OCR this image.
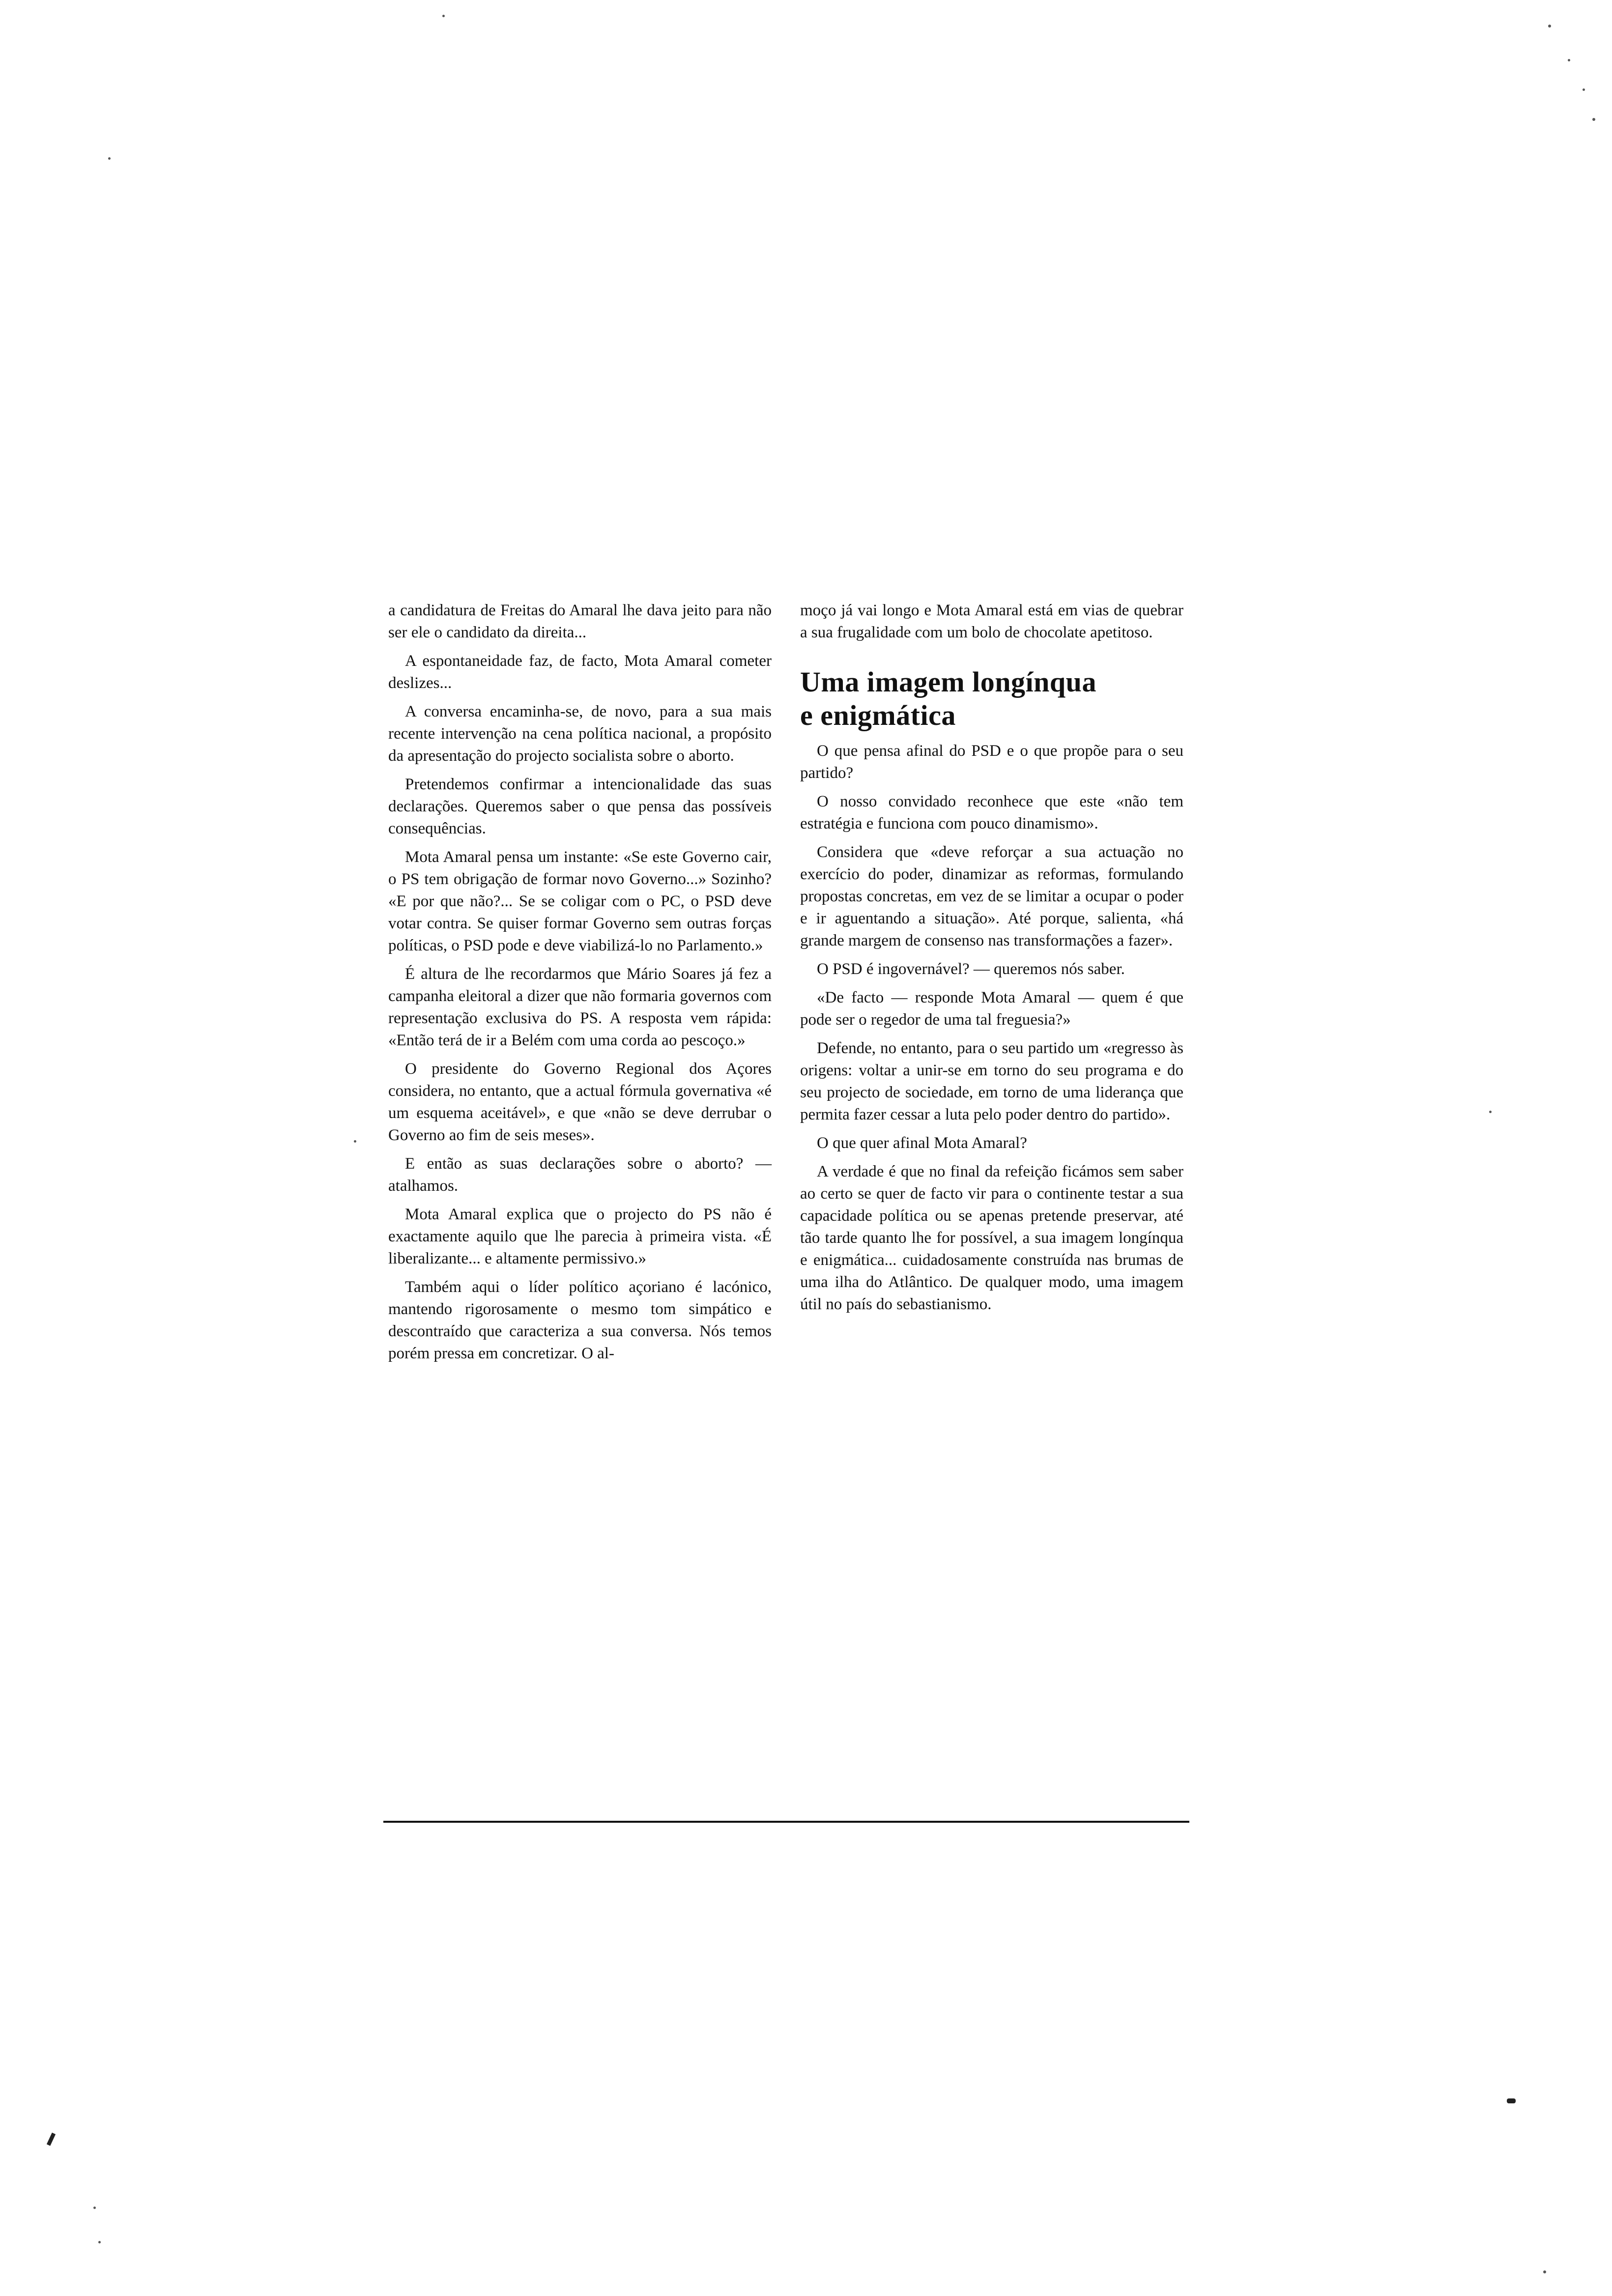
a candidatura de Freitas do Amaral lhe dava jeito para não ser ele o candidato da direita...

A espontaneidade faz, de facto, Mota Amaral cometer deslizes...

A conversa encaminha-se, de novo, para a sua mais recente intervenção na cena política nacional, a propósito da apresentação do projecto socialista sobre o aborto.

Pretendemos confirmar a intencionalidade das suas declarações. Queremos saber o que pensa das possíveis consequências.

Mota Amaral pensa um instante: «Se este Governo cair, o PS tem obrigação de formar novo Governo...» Sozinho? «E por que não?... Se se coligar com o PC, o PSD deve votar contra. Se quiser formar Governo sem outras forças políticas, o PSD pode e deve viabilizá-lo no Parlamento.»

É altura de lhe recordarmos que Mário Soares já fez a campanha eleitoral a dizer que não formaria governos com representação exclusiva do PS. A resposta vem rápida: «Então terá de ir a Belém com uma corda ao pescoço.»

O presidente do Governo Regional dos Açores considera, no entanto, que a actual fórmula governativa «é um esquema aceitável», e que «não se deve derrubar o Governo ao fim de seis meses».

E então as suas declarações sobre o aborto? — atalhamos.

Mota Amaral explica que o projecto do PS não é exactamente aquilo que lhe parecia à primeira vista. «É liberalizante... e altamente permissivo.»

Também aqui o líder político açoriano é lacónico, mantendo rigorosamente o mesmo tom simpático e descontraído que caracteriza a sua conversa. Nós temos porém pressa em concretizar. O al-

moço já vai longo e Mota Amaral está em vias de quebrar a sua frugalidade com um bolo de chocolate apetitoso.

Uma imagem longínqua
e enigmática

O que pensa afinal do PSD e o que propõe para o seu partido?

O nosso convidado reconhece que este «não tem estratégia e funciona com pouco dinamismo».

Considera que «deve reforçar a sua actuação no exercício do poder, dinamizar as reformas, formulando propostas concretas, em vez de se limitar a ocupar o poder e ir aguentando a situação». Até porque, salienta, «há grande margem de consenso nas transformações a fazer».

O PSD é ingovernável? — queremos nós saber.

«De facto — responde Mota Amaral — quem é que pode ser o regedor de uma tal freguesia?»

Defende, no entanto, para o seu partido um «regresso às origens: voltar a unir-se em torno do seu programa e do seu projecto de sociedade, em torno de uma liderança que permita fazer cessar a luta pelo poder dentro do partido».

O que quer afinal Mota Amaral?

A verdade é que no final da refeição ficámos sem saber ao certo se quer de facto vir para o continente testar a sua capacidade política ou se apenas pretende preservar, até tão tarde quanto lhe for possível, a sua imagem longínqua e enigmática... cuidadosamente construída nas brumas de uma ilha do Atlântico. De qualquer modo, uma imagem útil no país do sebastianismo.
